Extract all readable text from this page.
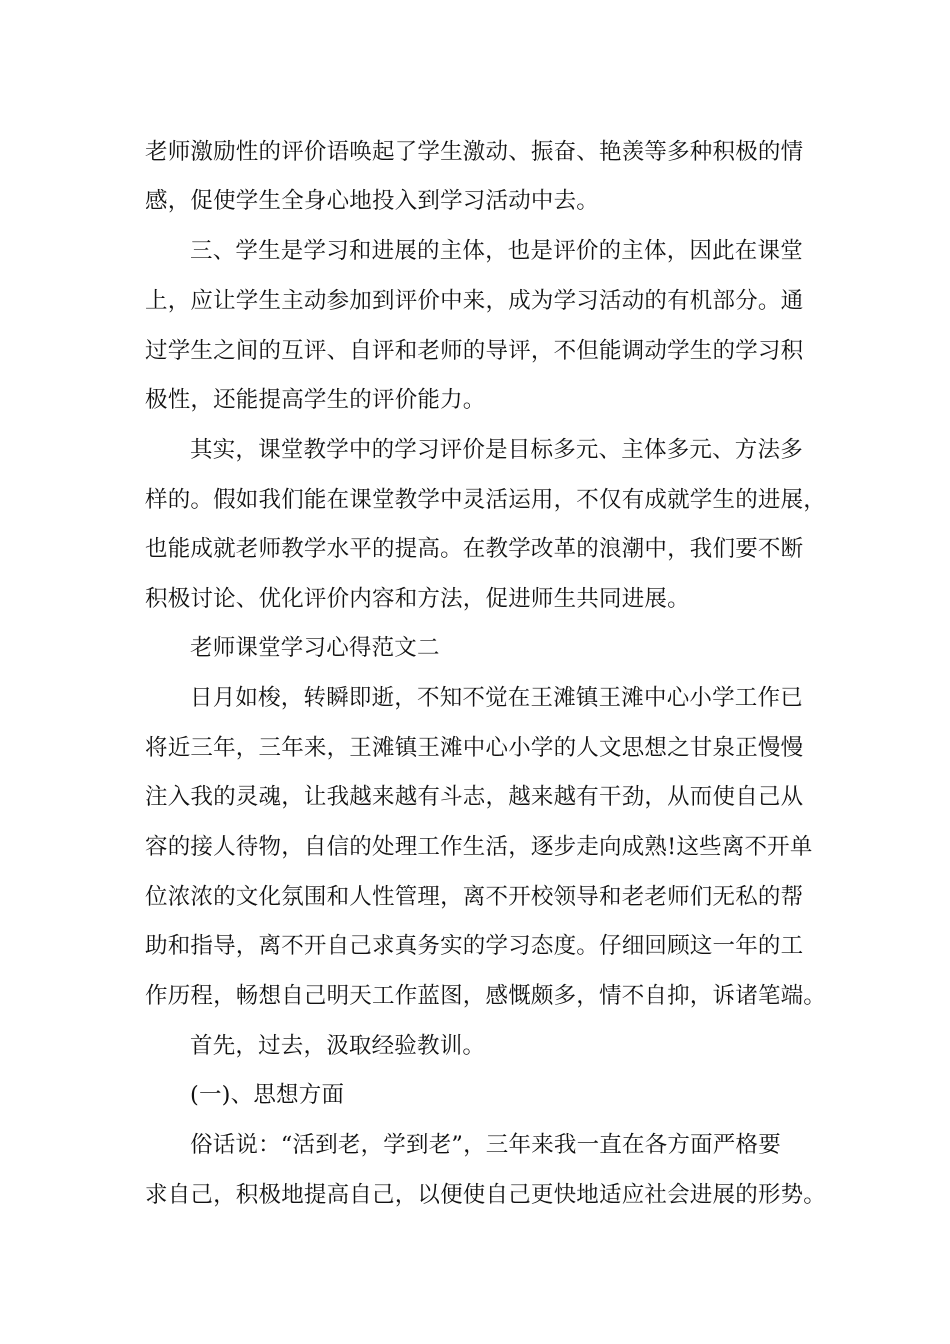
老师激励性的评价语唤起了学生激动、振奋、艳羡等多种积极的情
感，促使学生全身心地投入到学习活动中去。
三、学生是学习和进展的主体，也是评价的主体，因此在课堂
上，应让学生主动参加到评价中来，成为学习活动的有机部分。通
过学生之间的互评、自评和老师的导评，不但能调动学生的学习积
极性，还能提高学生的评价能力。
其实，课堂教学中的学习评价是目标多元、主体多元、方法多
样的。假如我们能在课堂教学中灵活运用，不仅有成就学生的进展，
也能成就老师教学水平的提高。在教学改革的浪潮中，我们要不断
积极讨论、优化评价内容和方法，促进师生共同进展。
老师课堂学习心得范文二
日月如梭，转瞬即逝，不知不觉在王滩镇王滩中心小学工作已
将近三年，三年来，王滩镇王滩中心小学的人文思想之甘泉正慢慢
注入我的灵魂，让我越来越有斗志，越来越有干劲，从而使自己从
容的接人待物，自信的处理工作生活，逐步走向成熟!这些离不开单
位浓浓的文化氛围和人性管理，离不开校领导和老老师们无私的帮
助和指导，离不开自己求真务实的学习态度。仔细回顾这一年的工
作历程，畅想自己明天工作蓝图，感慨颇多，情不自抑，诉诸笔端。
首先，过去，汲取经验教训。
(一)、思想方面
俗话说：“活到老，学到老”，三年来我一直在各方面严格要
求自己，积极地提高自己，以便使自己更快地适应社会进展的形势。
